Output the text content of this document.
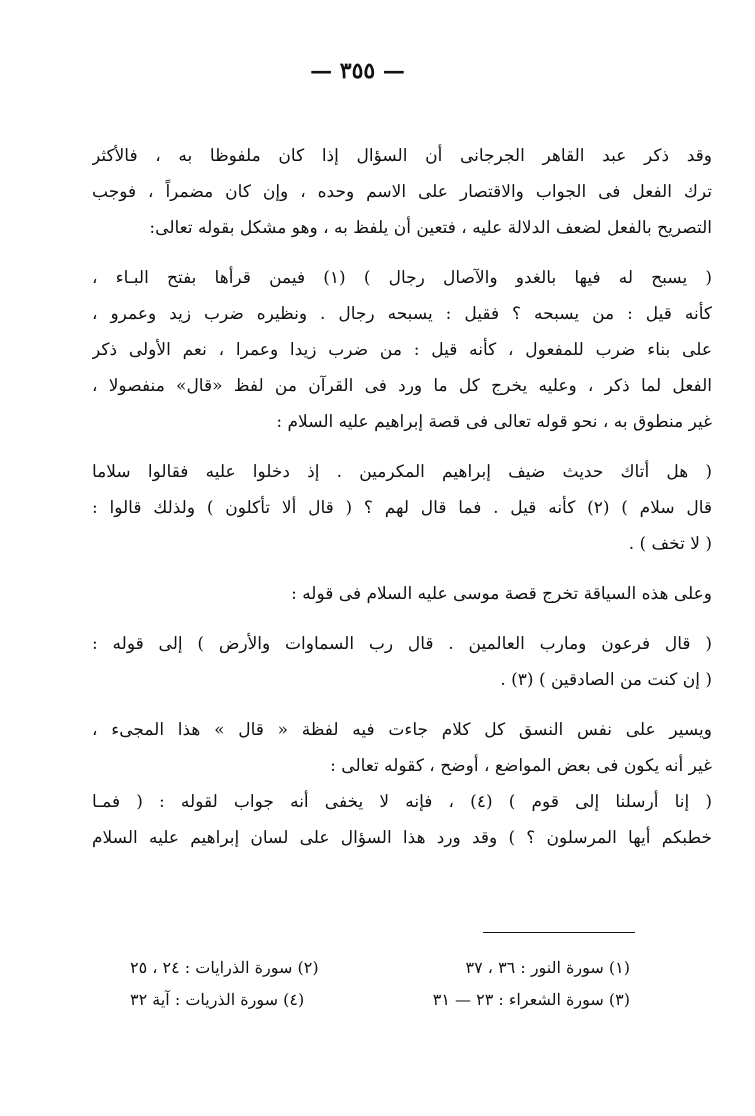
— ٣٥٥ —
وقد ذكر عبد القاهر الجرجانى أن السؤال إذا كان ملفوظا به ، فالأكثر
ترك الفعل فى الجواب والاقتصار على الاسم وحده ، وإن كان مضمراً ، فوجب
التصريح بالفعل لضعف الدلالة عليه ، فتعين أن يلفظ به ، وهو مشكل بقوله تعالى:
( يسبح له فيها بالغدو والآصال رجال ) (١) فيمن قرأها بفتح البـاء ،
كأنه قيل : من يسبحه ؟ فقيل : يسبحه رجال . ونظيره ضرب زيد وعمرو ،
على بناء ضرب للمفعول ، كأنه قيل : من ضرب زيدا وعمرا ، نعم الأولى ذكر
الفعل لما ذكر ، وعليه يخرج كل ما ورد فى القرآن من لفظ «قال» منفصولا ،
غير منطوق به ، نحو قوله تعالى فى قصة إبراهيم عليه السلام :
( هل أتاك حديث ضيف إبراهيم المكرمين . إذ دخلوا عليه فقالوا سلاما
قال سلام ) (٢) كأنه قيل . فما قال لهم ؟ ( قال ألا تأكلون ) ولذلك قالوا :
( لا تخف ) .
وعلى هذه السياقة تخرج قصة موسى عليه السلام فى قوله :
( قال فرعون ومارب العالمين . قال رب السماوات والأرض ) إلى قوله :
( إن كنت من الصادقين ) (٣) .
ويسير على نفس النسق كل كلام جاءت فيه لفظة « قال » هذا المجىء ،
غير أنه يكون فى بعض المواضع ، أوضح ، كقوله تعالى :
( إنا أرسلنا إلى قوم ) (٤) ، فإنه لا يخفى أنه جواب لقوله : ( فمـا
خطبكم أيها المرسلون ؟ ) وقد ورد هذا السؤال على لسان إبراهيم عليه السلام
(١) سورة النور : ٣٦ ، ٣٧
(٢) سورة الذرايات : ٢٤ ، ٢٥
(٣) سورة الشعراء : ٢٣ — ٣١
(٤) سورة الذريات : آية ٣٢
